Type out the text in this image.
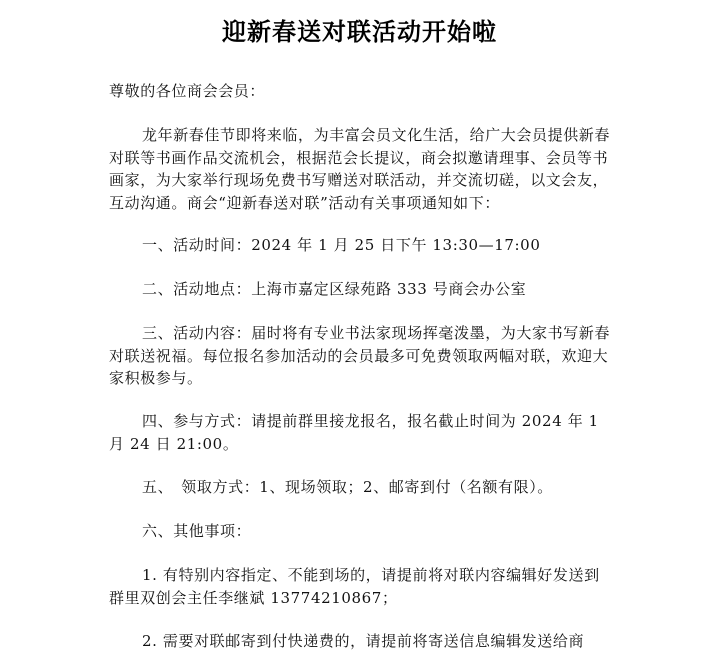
迎新春送对联活动开始啦

尊敬的各位商会会员：

龙年新春佳节即将来临，为丰富会员文化生活，给广大会员提供新春对联等书画作品交流机会，根据范会长提议，商会拟邀请理事、会员等书画家，为大家举行现场免费书写赠送对联活动，并交流切磋，以文会友，互动沟通。商会“迎新春送对联”活动有关事项通知如下：

一、活动时间：2024 年 1 月 25 日下午 13:30—17:00

二、活动地点：上海市嘉定区绿苑路 333 号商会办公室

三、活动内容：届时将有专业书法家现场挥毫泼墨，为大家书写新春对联送祝福。每位报名参加活动的会员最多可免费领取两幅对联，欢迎大家积极参与。

四、参与方式：请提前群里接龙报名，报名截止时间为 2024 年 1 月 24 日 21:00。

五、　领取方式：1、现场领取；2、邮寄到付（名额有限）。

六、其他事项：

1. 有特别内容指定、不能到场的，请提前将对联内容编辑好发送到群里双创会主任李继斌 13774210867；

2. 需要对联邮寄到付快递费的，请提前将寄送信息编辑发送给商
